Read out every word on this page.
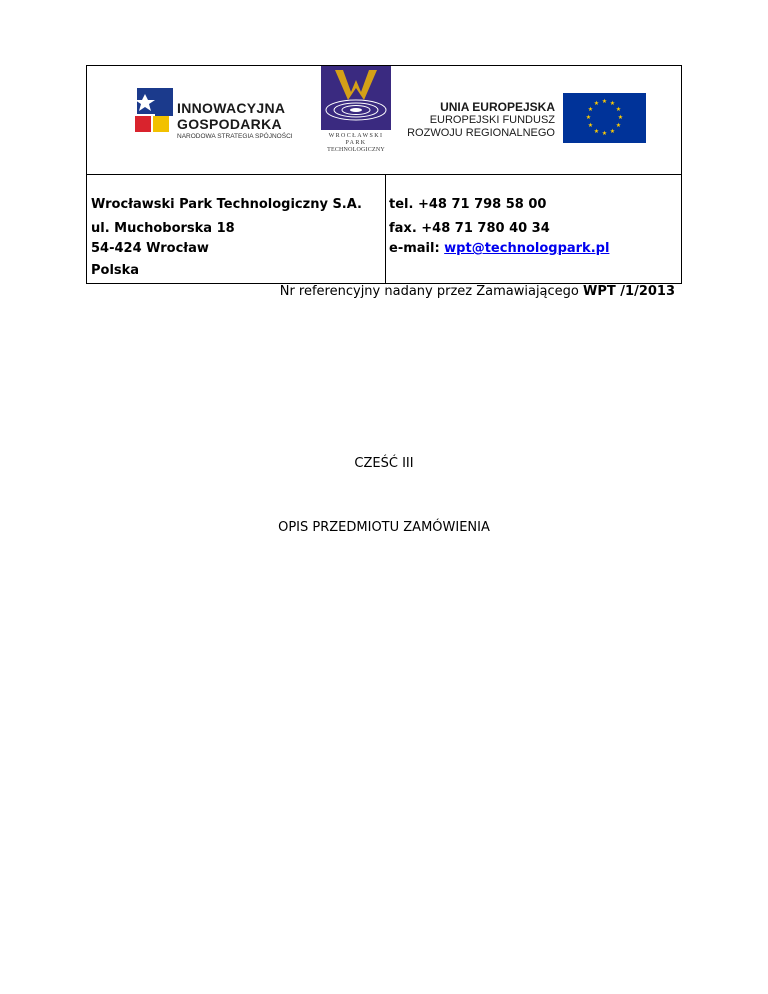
INNOWACYJNA
GOSPODARKA
NARODOWA STRATEGIA SPÓJNOŚCI	WROCŁAWSKI
PARK
TECHNOLOGICZNY
UNIA EUROPEJSKA
EUROPEJSKI FUNDUSZ
ROZWOJU REGIONALNEGO
★ ★
★
★
★
★
★
★
★
★
★
★
Wrocławski Park Technologiczny S.A.
ul. Muchoborska 18
54-424 Wrocław
Polska
tel. +48 71 798 58 00
fax. +48 71 780 40 34
e-mail: wpt@technologpark.pl
Nr referencyjny nadany przez Zamawiającego WPT /1/2013
CZEŚĆ III
OPIS PRZEDMIOTU ZAMÓWIENIA
